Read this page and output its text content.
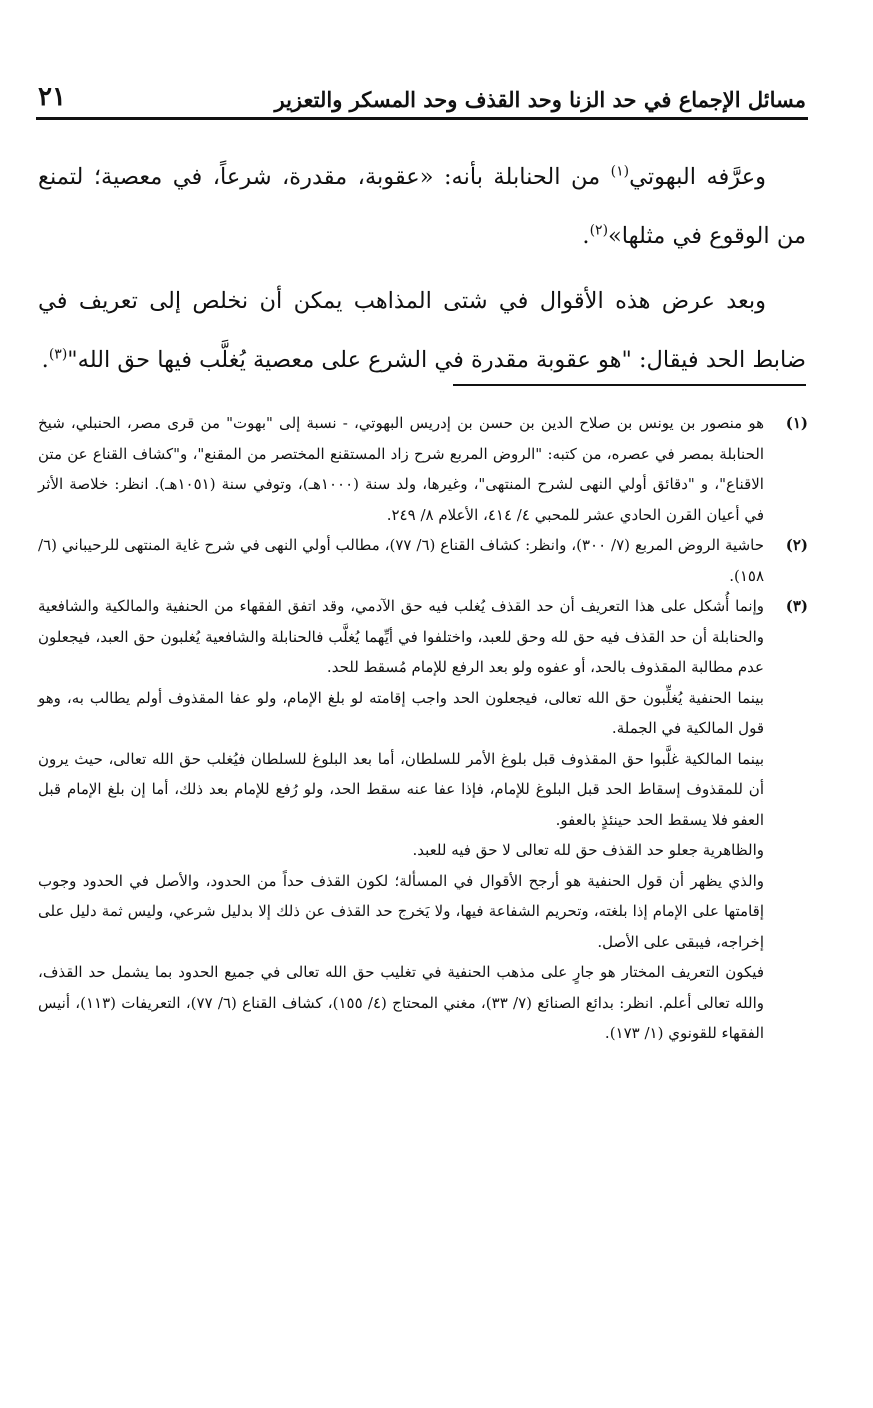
مسائل الإجماع في حد الزنا وحد القذف وحد المسكر والتعزير
٢١

وعرَّفه البهوتي$^{(١)}$ من الحنابلة بأنه: «عقوبة، مقدرة، شرعاً، في معصية؛ لتمنع من الوقوع في مثلها»$^{(٢)}$.

وبعد عرض هذه الأقوال في شتى المذاهب يمكن أن نخلص إلى تعريف في ضابط الحد فيقال: "هو عقوبة مقدرة في الشرع على معصية يُغلَّب فيها حق الله"$^{(٣)}$.

(١)

هو منصور بن يونس بن صلاح الدين بن حسن بن إدريس البهوتي، - نسبة إلى "بهوت" من قرى مصر، الحنبلي، شيخ الحنابلة بمصر في عصره، من كتبه: "الروض المربع شرح زاد المستقنع المختصر من المقنع"، و"كشاف القناع عن متن الاقناع"، و "دقائق أولي النهى لشرح المنتهى"، وغيرها، ولد سنة (١٠٠٠هـ)، وتوفي سنة (١٠٥١هـ). انظر: خلاصة الأثر في أعيان القرن الحادي عشر للمحبي ٤/ ٤١٤، الأعلام ٨/ ٢٤٩.

(٢)

حاشية الروض المربع (٧/ ٣٠٠)، وانظر: كشاف القناع (٦/ ٧٧)، مطالب أولي النهى في شرح غاية المنتهى للرحيباني (٦/ ١٥٨).

(٣)

وإنما أُشكل على هذا التعريف أن حد القذف يُغلب فيه حق الآدمي، وقد اتفق الفقهاء من الحنفية والمالكية والشافعية والحنابلة أن حد القذف فيه حق لله وحق للعبد، واختلفوا في أيِّهما يُغلَّب فالحنابلة والشافعية يُغلبون حق العبد، فيجعلون عدم مطالبة المقذوف بالحد، أو عفوه ولو بعد الرفع للإمام مُسقط للحد.

بينما الحنفية يُغلِّبون حق الله تعالى، فيجعلون الحد واجب إقامته لو بلغ الإمام، ولو عفا المقذوف أولم يطالب به، وهو قول المالكية في الجملة.

بينما المالكية غلَّبوا حق المقذوف قبل بلوغ الأمر للسلطان، أما بعد البلوغ للسلطان فيُغلب حق الله تعالى، حيث يرون أن للمقذوف إسقاط الحد قبل البلوغ للإمام، فإذا عفا عنه سقط الحد، ولو رُفع للإمام بعد ذلك، أما إن بلغ الإمام قبل العفو فلا يسقط الحد حينئذٍ بالعفو.

والظاهرية جعلو حد القذف حق لله تعالى لا حق فيه للعبد.

والذي يظهر أن قول الحنفية هو أرجح الأقوال في المسألة؛ لكون القذف حداً من الحدود، والأصل في الحدود وجوب إقامتها على الإمام إذا بلغته، وتحريم الشفاعة فيها، ولا يَخرج حد القذف عن ذلك إلا بدليل شرعي، وليس ثمة دليل على إخراجه، فيبقى على الأصل.

فيكون التعريف المختار هو جارٍ على مذهب الحنفية في تغليب حق الله تعالى في جميع الحدود بما يشمل حد القذف، والله تعالى أعلم. انظر: بدائع الصنائع (٧/ ٣٣)، مغني المحتاج (٤/ ١٥٥)، كشاف القناع (٦/ ٧٧)، التعريفات (١١٣)، أنيس الفقهاء للقونوي (١/ ١٧٣).
